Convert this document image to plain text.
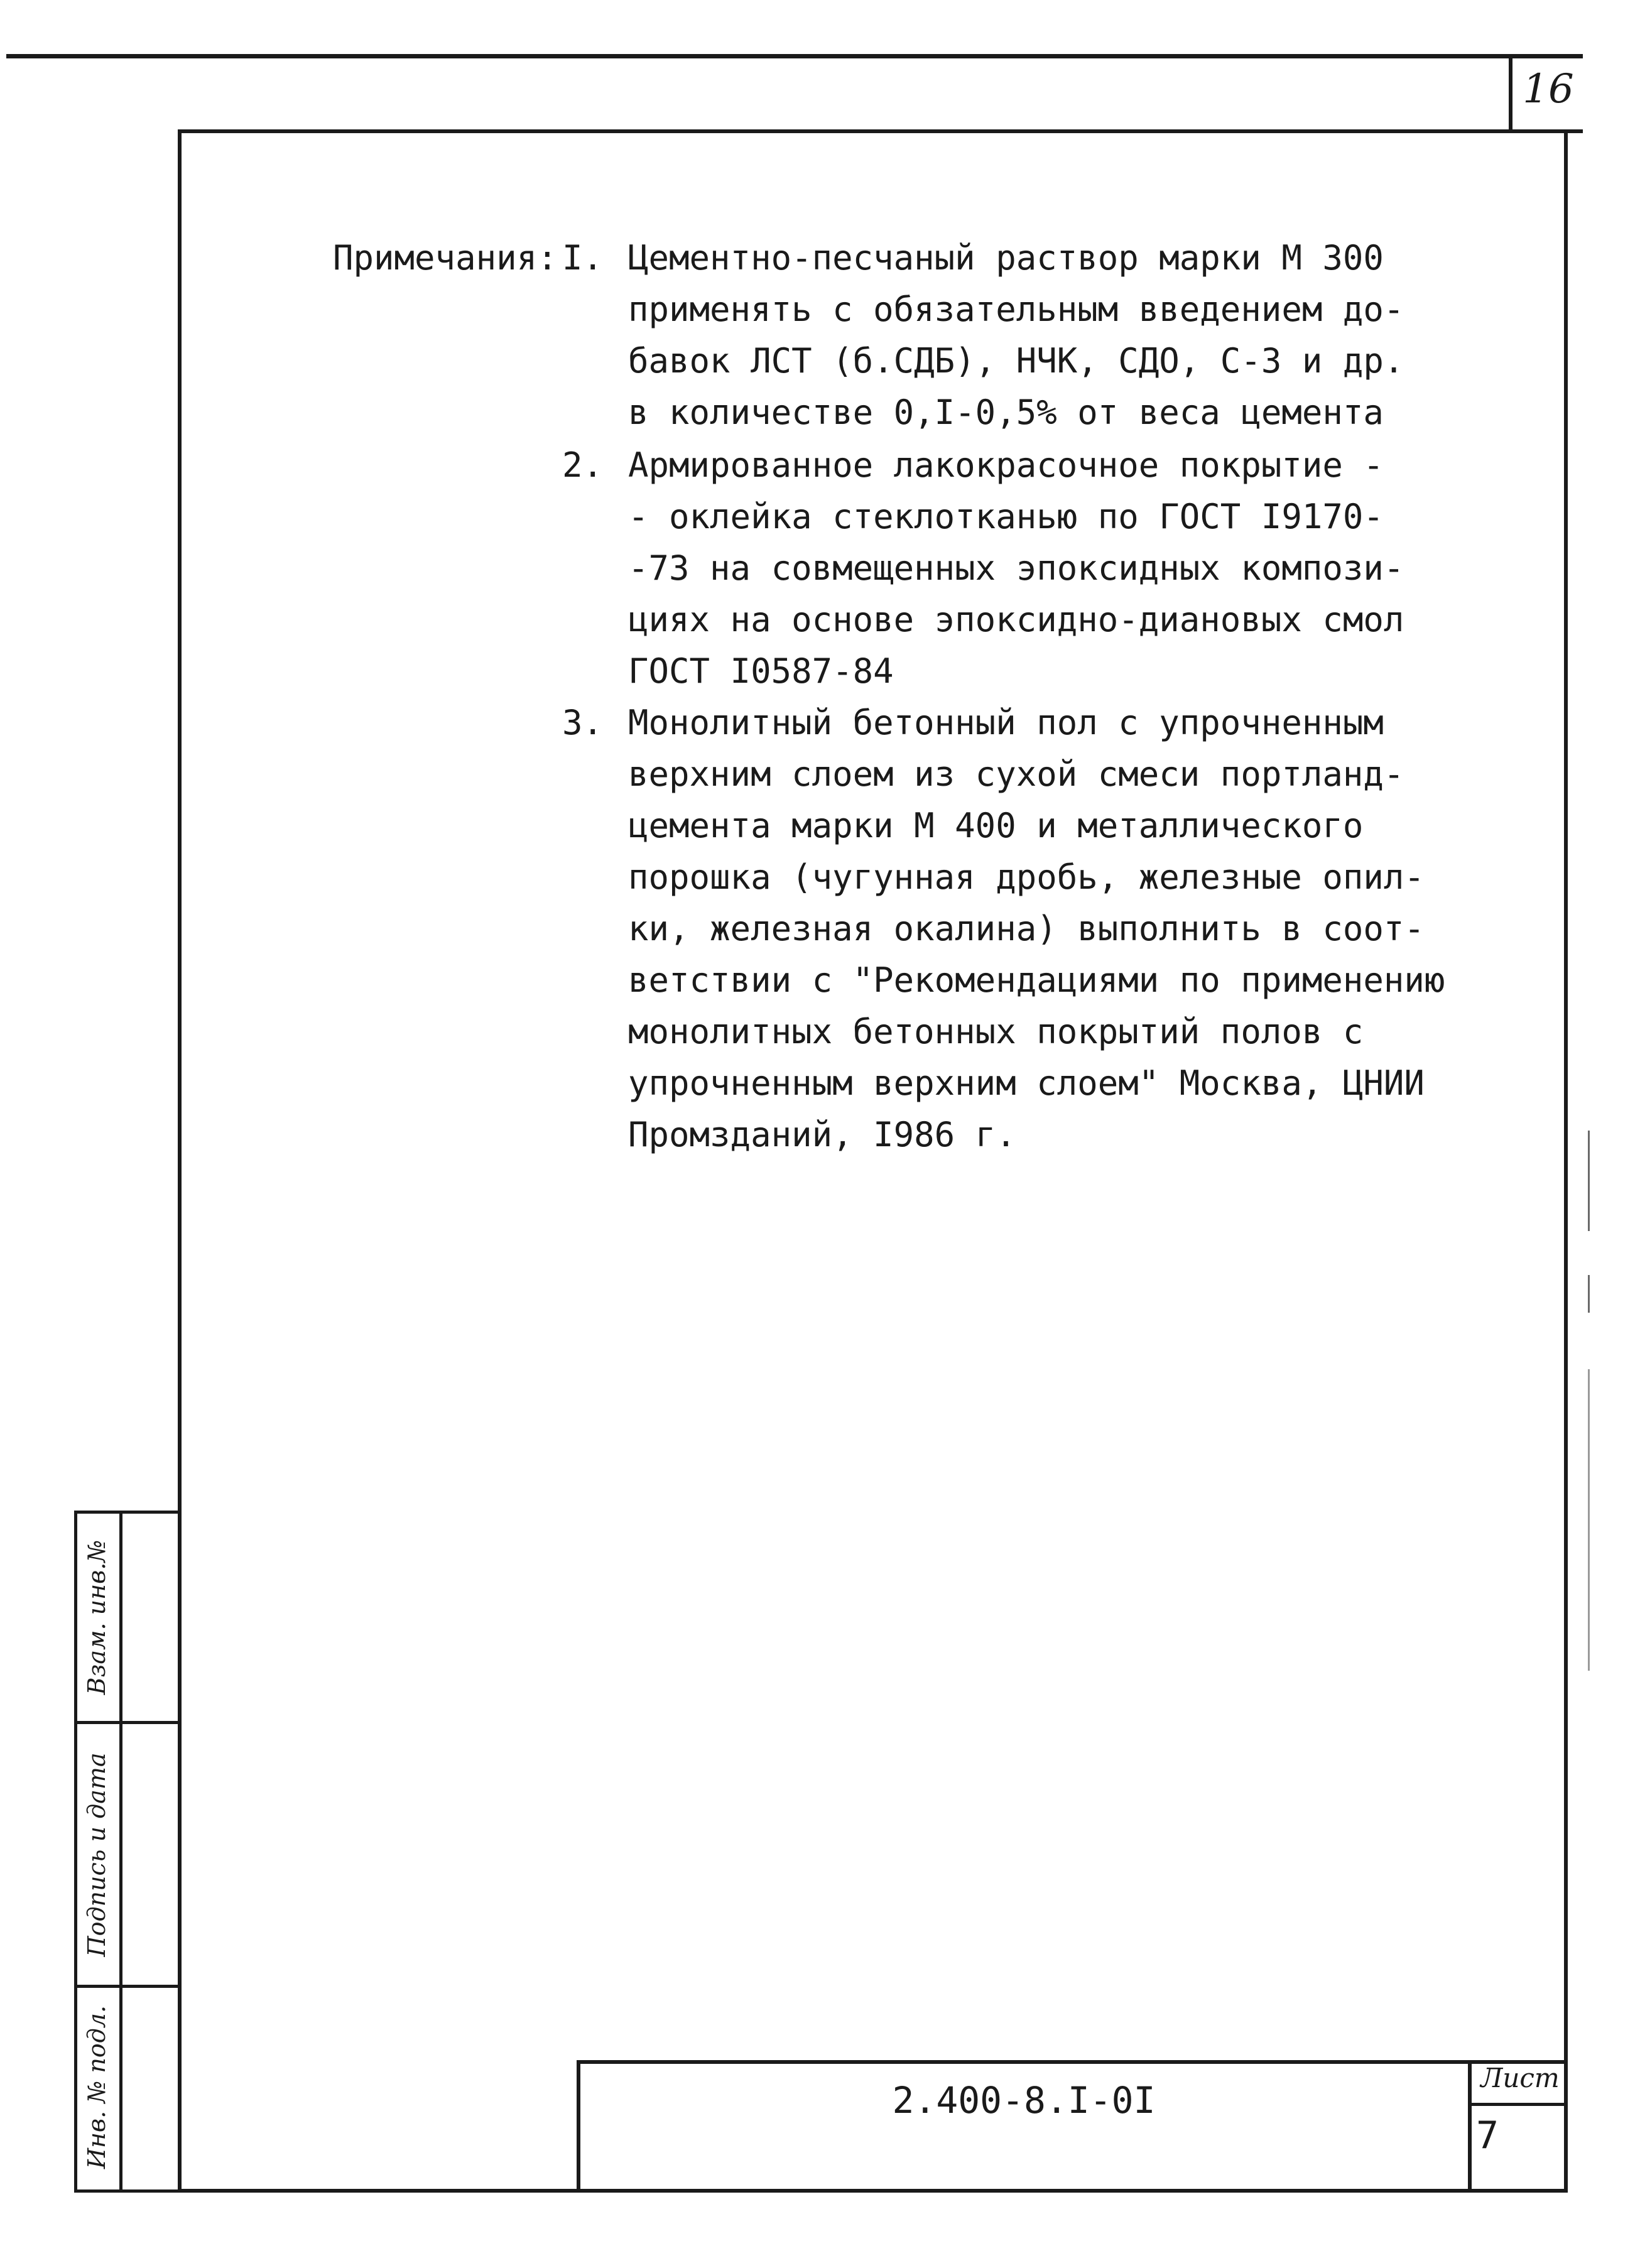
16
Взам. инв.№
Подпись и дата
Инв. № подл.
Примечания: I. Цементно-песчаный раствор марки М 300

применять с обязательным введением до-

бавок ЛСТ (б.СДБ), НЧК, СДО, С-3 и др.

в количестве 0,I-0,5% от веса цемента

2. Армированное лакокрасочное покрытие -

- оклейка стеклотканью по ГОСТ I9170-

-73 на совмещенных эпоксидных компози-

циях на основе эпоксидно-диановых смол

ГОСТ I0587-84

3. Монолитный бетонный пол с упрочненным

верхним слоем из сухой смеси портланд-

цемента марки М 400 и металлического

порошка (чугунная дробь, железные опил-

ки, железная окалина) выполнить в соот-

ветствии с "Рекомендациями по применению

монолитных бетонных покрытий полов с

упрочненным верхним слоем" Москва, ЦНИИ

Промзданий, I986 г.

2.400-8.I-0I
Лист
7
